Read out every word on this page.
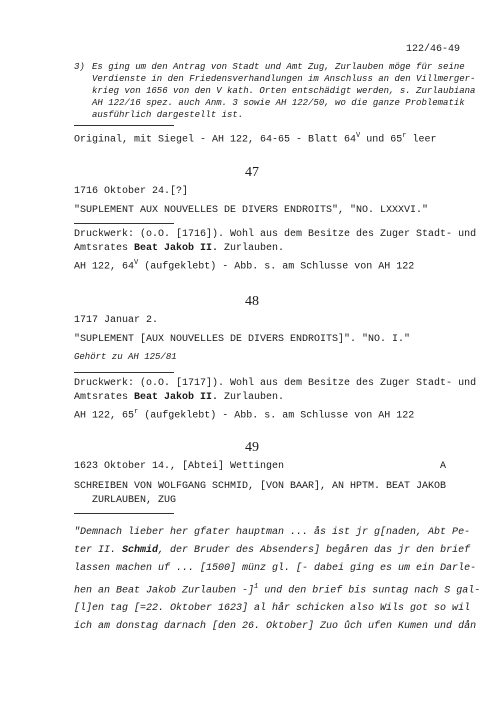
122/46-49
3) Es ging um den Antrag von Stadt und Amt Zug, Zurlauben möge für seine
Verdienste in den Friedensverhandlungen im Anschluss an den Villmerger-
krieg von 1656 von den V kath. Orten entschädigt werden, s. Zurlaubiana
AH 122/16 spez. auch Anm. 3 sowie AH 122/50, wo die ganze Problematik
ausführlich dargestellt ist.
Original, mit Siegel - AH 122, 64-65 - Blatt $64^V$ und 65$^r$ leer
47
1716 Oktober 24.[?]
"SUPLEMENT AUX NOUVELLES DE DIVERS ENDROITS", "NO. LXXXVI."
Druckwerk: (o.O. [1716]). Wohl aus dem Besitze des Zuger Stadt- und
Amtsrates Beat Jakob II. Zurlauben.
AH 122, $64^V$ (aufgeklebt) - Abb. s. am Schlusse von AH 122
48
1717 Januar 2.
"SUPLEMENT [AUX NOUVELLES DE DIVERS ENDROITS]". "NO. I."
Gehört zu AH 125/81
Druckwerk: (o.O. [1717]). Wohl aus dem Besitze des Zuger Stadt- und
Amtsrates Beat Jakob II. Zurlauben.
AH 122, 65$^r$ (aufgeklebt) - Abb. s. am Schlusse von AH 122
49
1623 Oktober 14., [Abtei] Wettingen	A
SCHREIBEN VON WOLFGANG SCHMID, [VON BAAR], AN HPTM. BEAT JAKOB
ZURLAUBEN, ZUG
"Demnach lieber her gfater hauptman ... ås ist jr g[naden, Abt Pe-
ter II. Schmid, der Bruder des Absenders] begåren das jr den brief
lassen machen uf ... [1500] münz gl. [- dabei ging es um ein Darle-
hen an Beat Jakob Zurlauben -]$^1$ und den brief bis suntag nach S gal-
[l]en tag [=22. Oktober 1623] al hår schicken also Wils got so wil
ich am donstag darnach [den 26. Oktober] Zuo ůch ufen Kumen und dån
